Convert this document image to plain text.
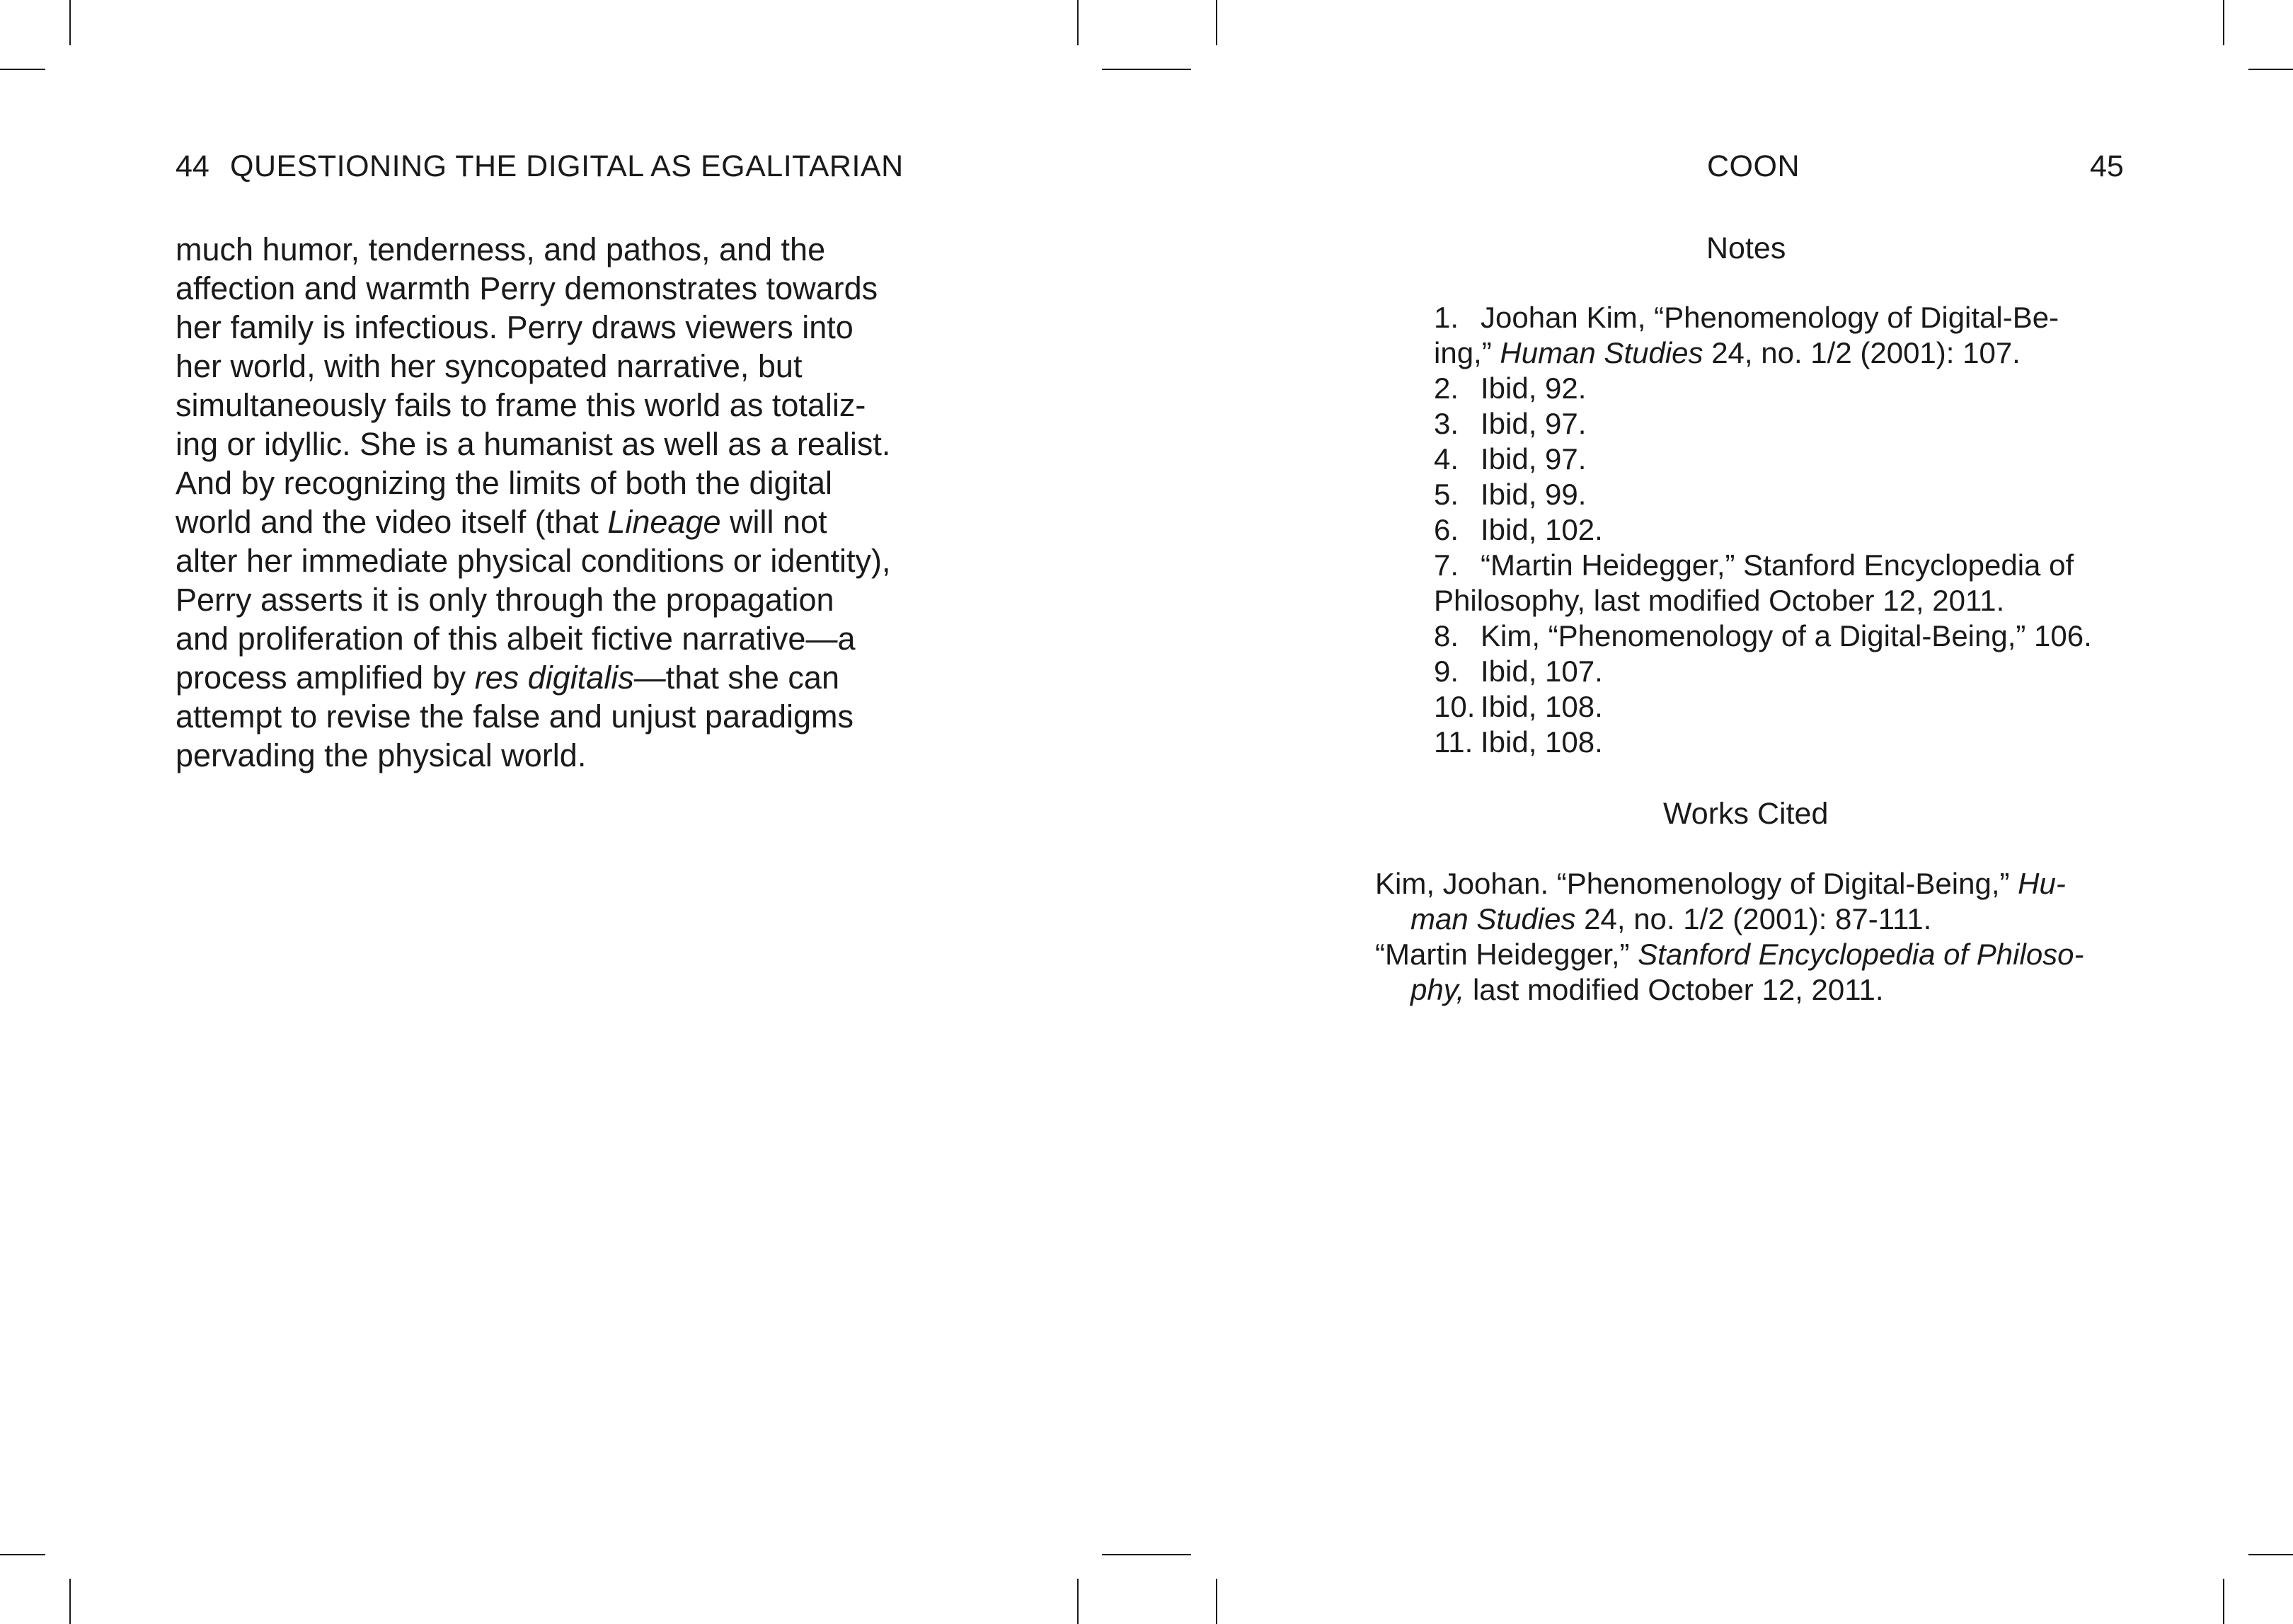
44 QUESTIONING THE DIGITAL AS EGALITARIAN
much humor, tenderness, and pathos, and the
affection and warmth Perry demonstrates towards
her family is infectious. Perry draws viewers into
her world, with her syncopated narrative, but
simultaneously fails to frame this world as totaliz-
ing or idyllic. She is a humanist as well as a realist.
And by recognizing the limits of both the digital
world and the video itself (that Lineage will not
alter her immediate physical conditions or identity),
Perry asserts it is only through the propagation
and proliferation of this albeit fictive narrative—a
process amplified by res digitalis—that she can
attempt to revise the false and unjust paradigms
pervading the physical world.
COON	45
Notes
1. Joohan Kim, “Phenomenology of Digital-Be-
ing,” Human Studies 24, no. 1/2 (2001): 107.
2. Ibid, 92.
3. Ibid, 97.
4. Ibid, 97.
5. Ibid, 99.
6. Ibid, 102.
7. “Martin Heidegger,” Stanford Encyclopedia of
Philosophy, last modified October 12, 2011.
8. Kim, “Phenomenology of a Digital-Being,” 106.
9. Ibid, 107.
10. Ibid, 108.
11. Ibid, 108.
Works Cited
Kim, Joohan. “Phenomenology of Digital-Being,” Hu-
man Studies 24, no. 1/2 (2001): 87-111.
“Martin Heidegger,” Stanford Encyclopedia of Philoso-
phy, last modified October 12, 2011.
